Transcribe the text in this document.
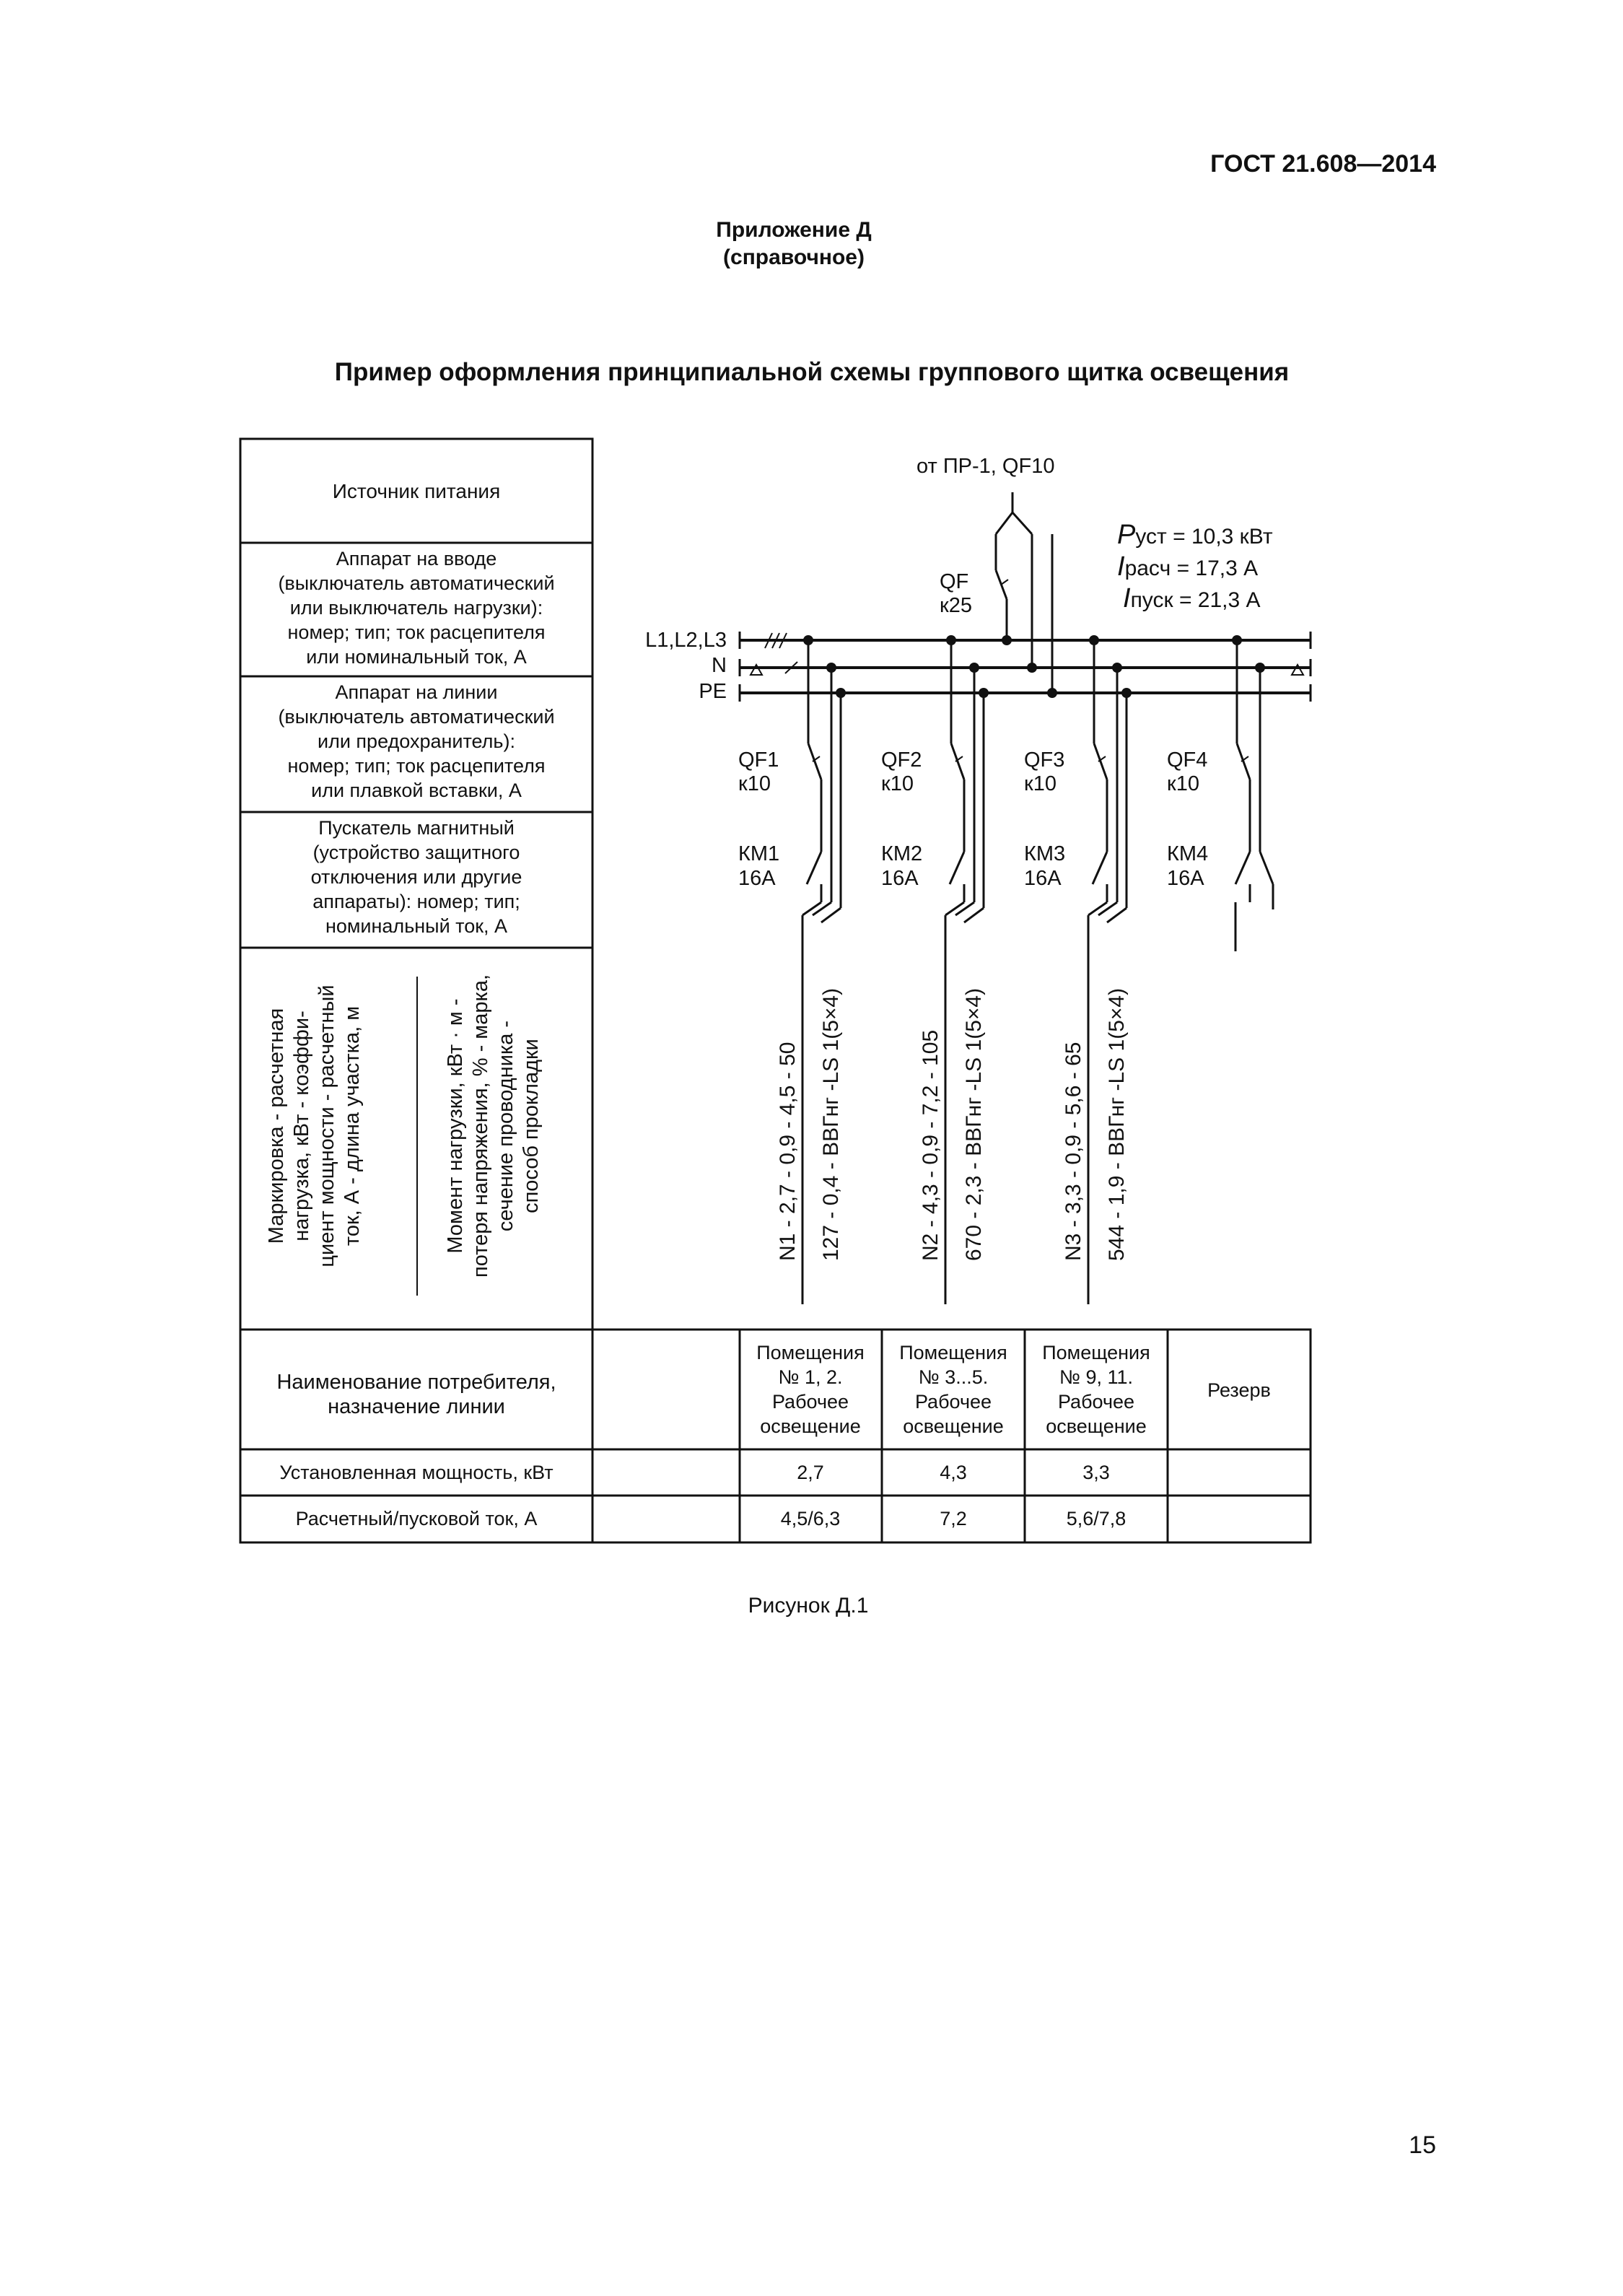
ГОСТ 21.608—2014
Приложение Д
(справочное)
Пример оформления принципиальной схемы группового щитка освещения
Источник питания
Аппарат на вводе
(выключатель автоматический
или выключатель нагрузки):
номер; тип; ток расцепителя
или номинальный ток, А
Аппарат на линии
(выключатель автоматический
или предохранитель):
номер; тип; ток расцепителя
или плавкой вставки, А
Пускатель магнитный
(устройство защитного
отключения или другие
аппараты): номер; тип;
номинальный ток, А
Маркировка - расчетная нагрузка, кВт - коэффи- циент мощности - расчетный ток, А - длина участка, м	Момент нагрузки, кВт · м - потеря напряжения, % - марка, сечение проводника - способ прокладки
от ПР-1, QF10
QF
к25
L1,L2,L3
N
PE
Pуст = 10,3 кВт
Iрасч = 17,3 А
Iпуск = 21,3 А
QF1
к10
КМ1
16А
N1 - 2,7 - 0,9 - 4,5 - 50 127 - 0,4 - ВВГнг -LS 1(5×4)
QF2
к10
КМ2
16А
N2 - 4,3 - 0,9 - 7,2 - 105 670 - 2,3 - ВВГнг -LS 1(5×4)
QF3
к10
КМ3
16А
N3 - 3,3 - 0,9 - 5,6 - 65 544 - 1,9 - ВВГнг -LS 1(5×4)
QF4
к10
КМ4
16А
Наименование потребителя,
назначение линии
Установленная мощность, кВт
Расчетный/пусковой ток, А
Помещения
№ 1, 2.
Рабочее
освещение
2,7
4,5/6,3
Помещения
№ 3...5.
Рабочее
освещение
4,3
7,2
Помещения
№ 9, 11.
Рабочее
освещение
3,3
5,6/7,8
Резерв
Рисунок Д.1
15
